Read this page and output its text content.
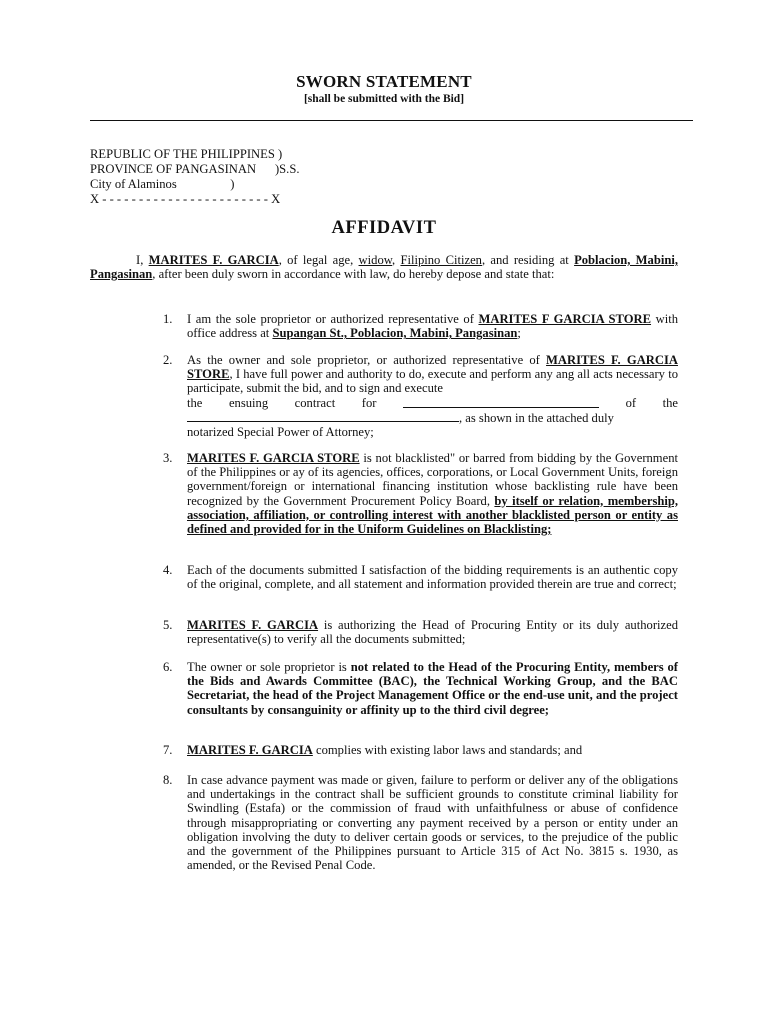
SWORN STATEMENT
[shall be submitted with the Bid]
REPUBLIC OF THE PHILIPPINES )
PROVINCE OF PANGASINAN      )S.S.
City of Alaminos                 )
X - - - - - - - - - - - - - - - - - - - - - - - X
AFFIDAVIT
I, MARITES F. GARCIA, of legal age, widow, Filipino Citizen, and residing at Poblacion, Mabini, Pangasinan, after been duly sworn in accordance with law, do hereby depose and state that:
1. I am the sole proprietor or authorized representative of MARITES F GARCIA STORE with office address at Supangan St., Poblacion, Mabini, Pangasinan;
2. As the owner and sole proprietor, or authorized representative of MARITES F. GARCIA STORE, I have full power and authority to do, execute and perform any ang all acts necessary to participate, submit the bid, and to sign and execute
the ensuing contract for	of the
, as shown in the attached duly
notarized Special Power of Attorney;
3. MARITES F. GARCIA STORE is not blacklisted" or barred from bidding by the Government of the Philippines or ay of its agencies, offices, corporations, or Local Government Units, foreign government/foreign or international financing institution whose backlisting rule have been recognized by the Government Procurement Policy Board, by itself or relation, membership, association, affiliation, or controlling interest with another blacklisted person or entity as defined and provided for in the Uniform Guidelines on Blacklisting;
4. Each of the documents submitted I satisfaction of the bidding requirements is an authentic copy of the original, complete, and all statement and information provided therein are true and correct;
5. MARITES F. GARCIA is authorizing the Head of Procuring Entity or its duly authorized representative(s) to verify all the documents submitted;
6. The owner or sole proprietor is not related to the Head of the Procuring Entity, members of the Bids and Awards Committee (BAC), the Technical Working Group, and the BAC Secretariat, the head of the Project Management Office or the end-use unit, and the project consultants by consanguinity or affinity up to the third civil degree;
7. MARITES F. GARCIA complies with existing labor laws and standards; and
8. In case advance payment was made or given, failure to perform or deliver any of the obligations and undertakings in the contract shall be sufficient grounds to constitute criminal liability for Swindling (Estafa) or the commission of fraud with unfaithfulness or abuse of confidence through misappropriating or converting any payment received by a person or entity under an obligation involving the duty to deliver certain goods or services, to the prejudice of the public and the government of the Philippines pursuant to Article 315 of Act No. 3815 s. 1930, as amended, or the Revised Penal Code.
